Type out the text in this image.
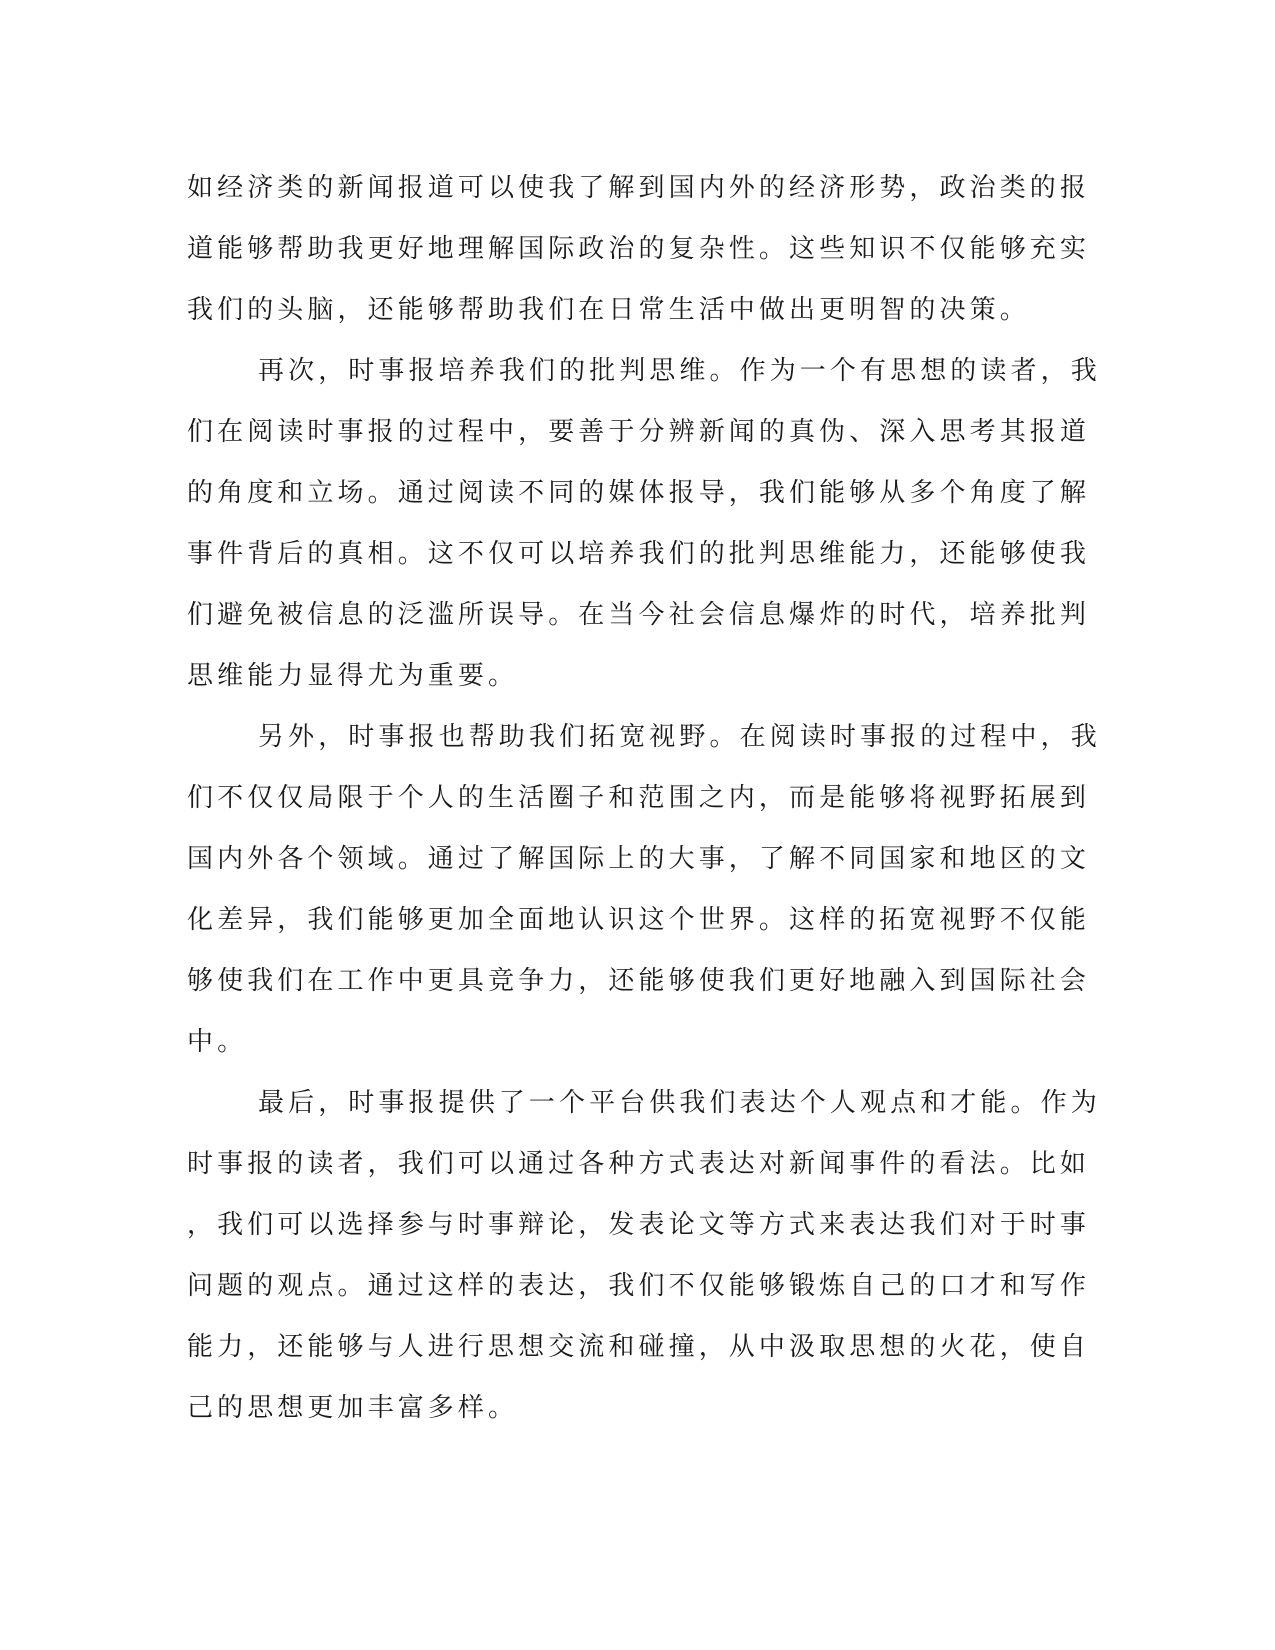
如经济类的新闻报道可以使我了解到国内外的经济形势，政治类的报

道能够帮助我更好地理解国际政治的复杂性。这些知识不仅能够充实

我们的头脑，还能够帮助我们在日常生活中做出更明智的决策。

再次，时事报培养我们的批判思维。作为一个有思想的读者，我

们在阅读时事报的过程中，要善于分辨新闻的真伪、深入思考其报道

的角度和立场。通过阅读不同的媒体报导，我们能够从多个角度了解

事件背后的真相。这不仅可以培养我们的批判思维能力，还能够使我

们避免被信息的泛滥所误导。在当今社会信息爆炸的时代，培养批判

思维能力显得尤为重要。

另外，时事报也帮助我们拓宽视野。在阅读时事报的过程中，我

们不仅仅局限于个人的生活圈子和范围之内，而是能够将视野拓展到

国内外各个领域。通过了解国际上的大事，了解不同国家和地区的文

化差异，我们能够更加全面地认识这个世界。这样的拓宽视野不仅能

够使我们在工作中更具竞争力，还能够使我们更好地融入到国际社会

中。

最后，时事报提供了一个平台供我们表达个人观点和才能。作为

时事报的读者，我们可以通过各种方式表达对新闻事件的看法。比如

，我们可以选择参与时事辩论，发表论文等方式来表达我们对于时事

问题的观点。通过这样的表达，我们不仅能够锻炼自己的口才和写作

能力，还能够与人进行思想交流和碰撞，从中汲取思想的火花，使自

己的思想更加丰富多样。
